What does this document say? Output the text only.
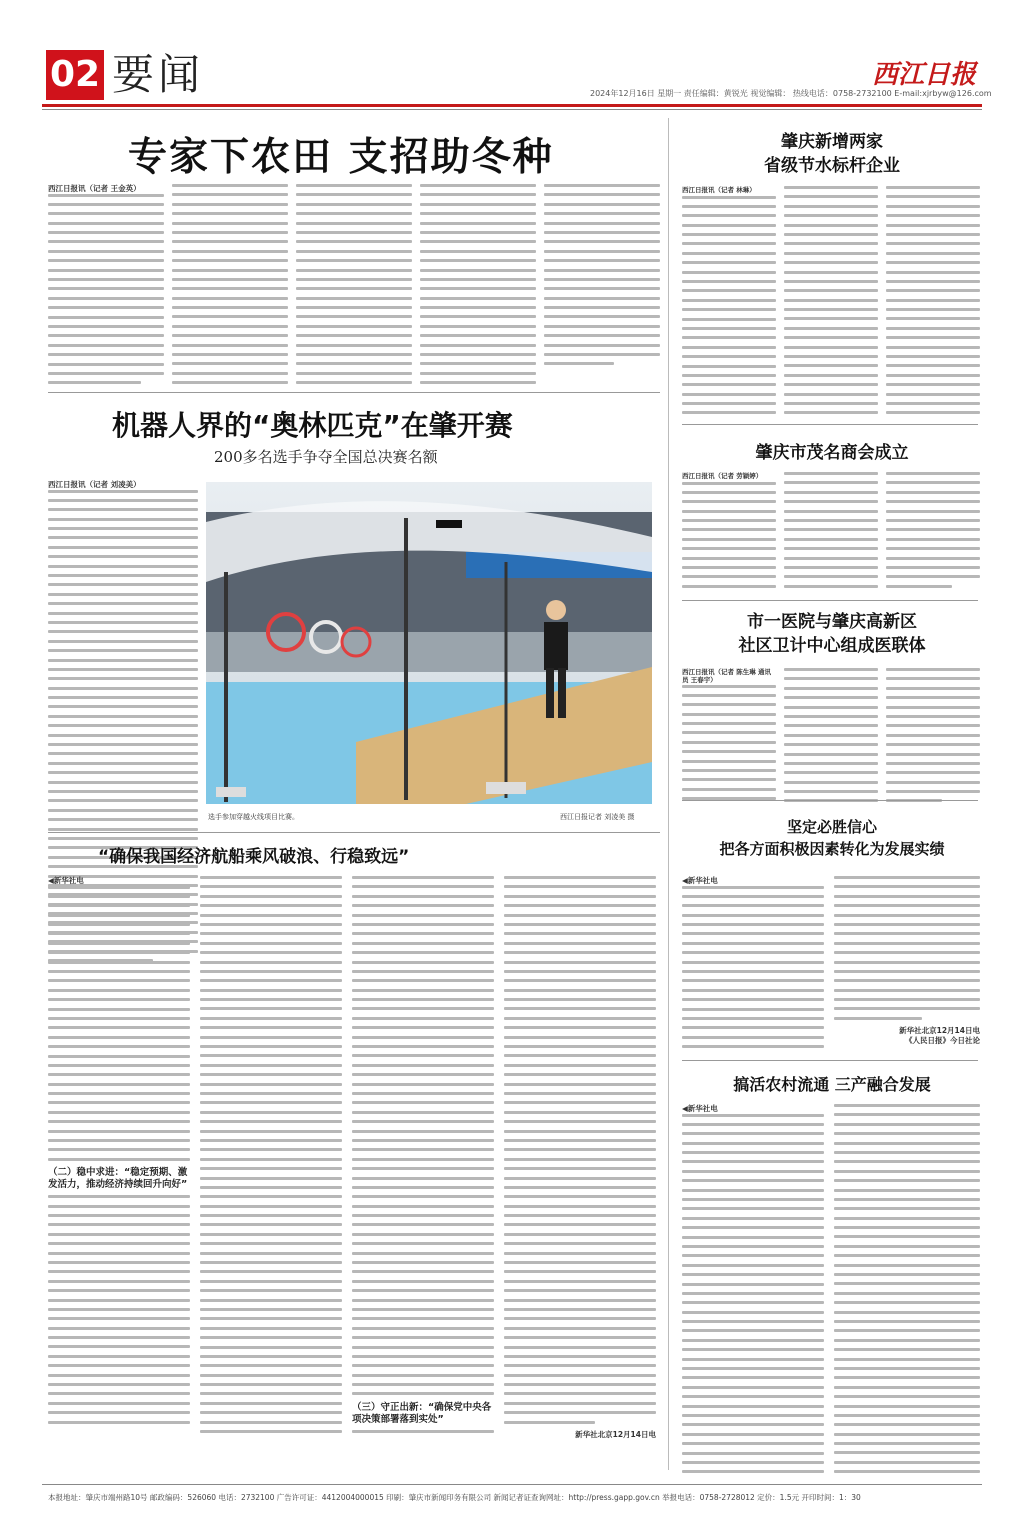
02 要闻	西江日报
2024年12月16日 星期一 责任编辑：黄锐光 视觉编辑： 热线电话：0758-2732100 E-mail:xjrbyw@126.com
专家下农田 支招助冬种
西江日报讯（记者 王金英）
机器人界的“奥林匹克”在肇开赛
200多名选手争夺全国总决赛名额
西江日报讯（记者 刘凌美）
选手参加穿越火线项目比赛。	西江日报记者 刘凌美 摄
“确保我国经济航船乘风破浪、行稳致远”
◀新华社电
（二）稳中求进：“稳定预期、激发活力，推动经济持续回升向好”
（三）守正出新：“确保党中央各项决策部署落到实处”
新华社北京12月14日电
肇庆新增两家
省级节水标杆企业
西江日报讯（记者 林琳）
肇庆市茂名商会成立
西江日报讯（记者 劳颖婷）
市一医院与肇庆高新区
社区卫计中心组成医联体
西江日报讯（记者 陈生琳 通讯员 王春宇）
坚定必胜信心
把各方面积极因素转化为发展实绩
◀新华社电
新华社北京12月14日电
《人民日报》今日社论
搞活农村流通 三产融合发展
◀新华社电
本报地址：肇庆市端州路10号 邮政编码：526060 电话：2732100 广告许可证：4412004000015 印刷：肇庆市新闻印务有限公司 新闻记者证查询网址：http://press.gapp.gov.cn 举报电话：0758-2728012 定价：1.5元 开印时间：1：30
